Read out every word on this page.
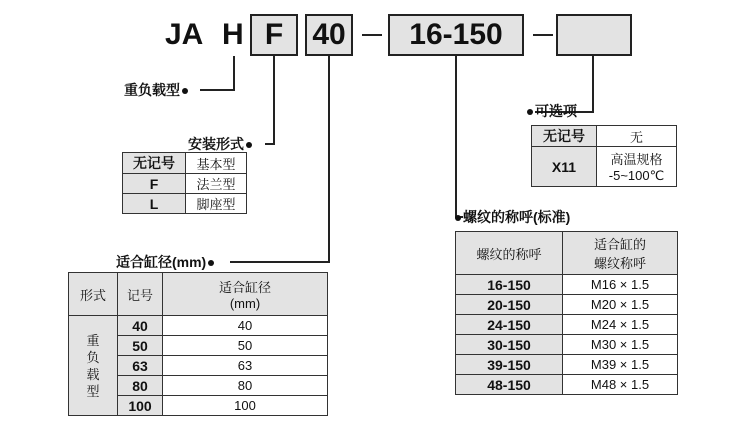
JA H F 40	16-150
重负载型
安装形式
适合缸径(mm)
可选项
螺纹的称呼(标准)
无记号	基本型
F	法兰型
L	脚座型
无记号	无
X11	高温规格
-5~100℃
形式	记号	适合缸径
(mm)

重
负
载
型	40	40
	50	50
	63	63
	80	80
	100	100
螺纹的称呼	适合缸的
螺纹称呼

16-150	M16 × 1.5
20-150	M20 × 1.5
24-150	M24 × 1.5
30-150	M30 × 1.5
39-150	M39 × 1.5
48-150	M48 × 1.5
